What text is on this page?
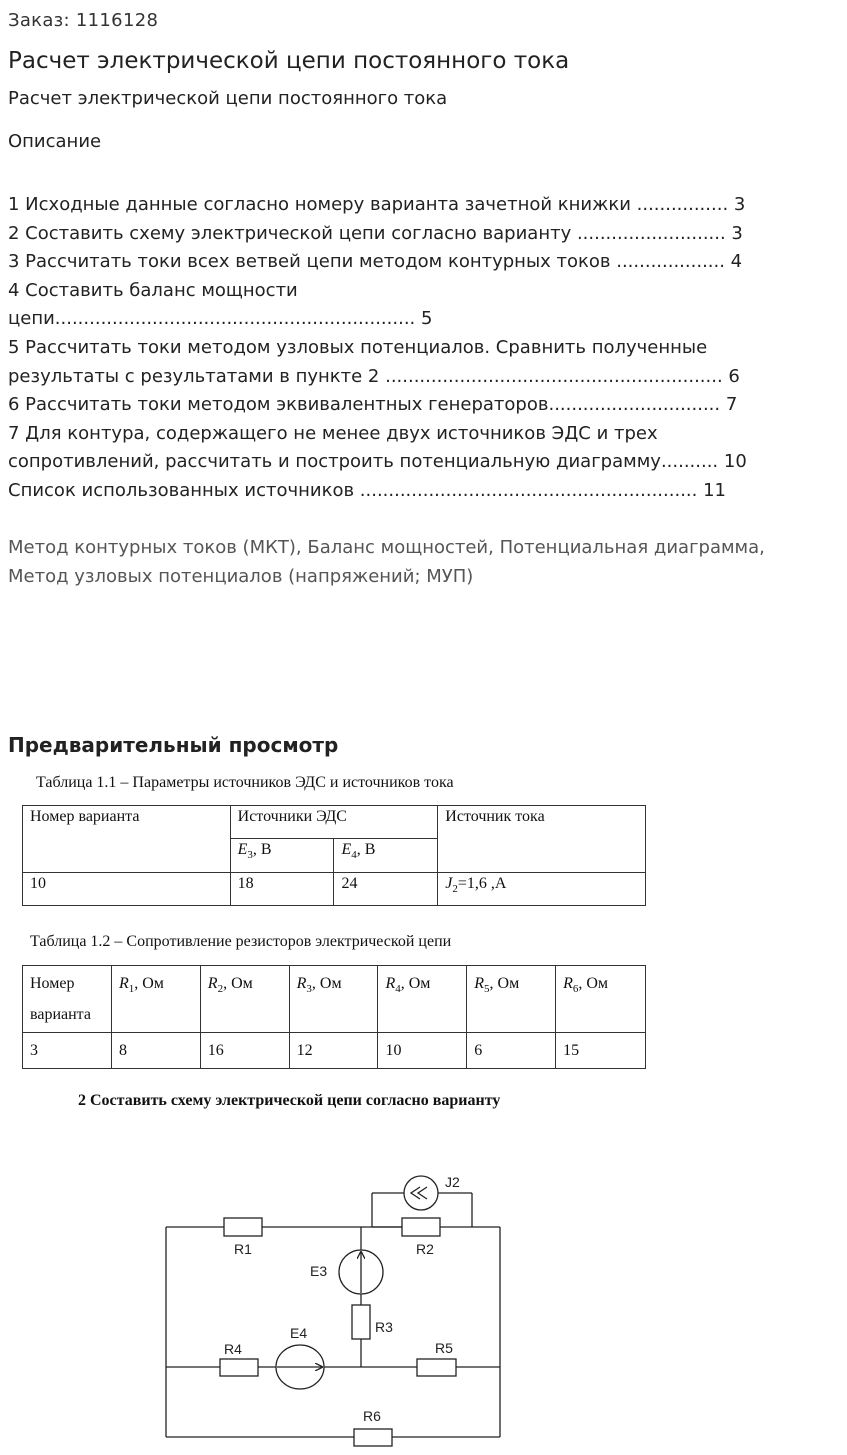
Заказ: 1116128
Расчет электрической цепи постоянного тока
Расчет электрической цепи постоянного тока
Описание
1 Исходные данные согласно номеру варианта зачетной книжки ................ 3
2 Составить схему электрической цепи согласно варианту .......................... 3
3 Рассчитать токи всех ветвей цепи методом контурных токов ................... 4
4 Составить баланс мощности
цепи............................................................... 5
5 Рассчитать токи методом узловых потенциалов. Сравнить полученные
результаты с результатами в пункте 2 ........................................................... 6
6 Рассчитать токи методом эквивалентных генераторов.............................. 7
7 Для контура, содержащего не менее двух источников ЭДС и трех
сопротивлений, рассчитать и построить потенциальную диаграмму.......... 10
Список использованных источников ........................................................... 11
Метод контурных токов (МКТ), Баланс мощностей, Потенциальная диаграмма,
Метод узловых потенциалов (напряжений; МУП)
Предварительный просмотр
Таблица 1.1 – Параметры источников ЭДС и источников тока
Номер варианта	Источники ЭДС		Источник тока
	$E_3$, В	$E_4$, В	
10	18	24	$J_2=1,6$ ,А
Таблица 1.2 – Сопротивление резисторов электрической цепи
Номер
варианта	$R_1$, Ом	$R_2$, Ом	$R_3$, Ом	$R_4$, Ом	$R_5$, Ом	$R_6$, Ом
3	8	16	12	10	6	15
2 Составить схему электрической цепи согласно варианту
J2
R1	R2
E3
R3
E4
R4	R5
R6
